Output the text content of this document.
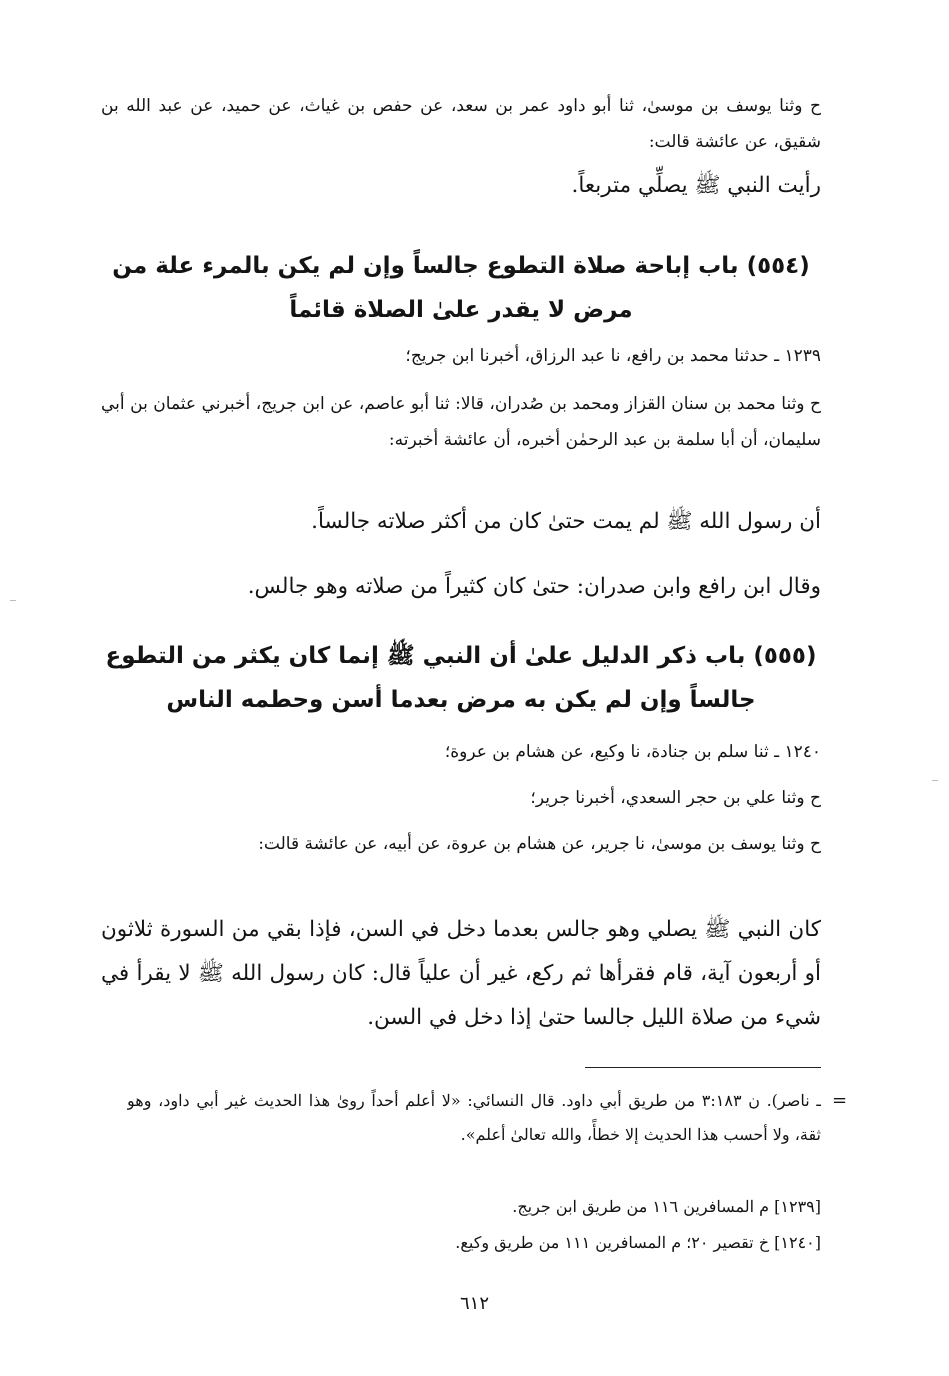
ح وثنا يوسف بن موسىٰ، ثنا أبو داود عمر بن سعد، عن حفص بن غياث، عن حميد، عن عبد الله بن شقيق، عن عائشة قالت:
رأيت النبي ﷺ يصلِّي متربعاً.
(٥٥٤) باب إباحة صلاة التطوع جالساً وإن لم يكن بالمرء علة من مرض لا يقدر علىٰ الصلاة قائماً
١٢٣٩ ـ حدثنا محمد بن رافع، نا عبد الرزاق، أخبرنا ابن جريج؛
ح وثنا محمد بن سنان القزاز ومحمد بن صُدران، قالا: ثنا أبو عاصم، عن ابن جريج، أخبرني عثمان بن أبي سليمان، أن أبا سلمة بن عبد الرحمٰن أخبره، أن عائشة أخبرته:
أن رسول الله ﷺ لم يمت حتىٰ كان من أكثر صلاته جالساً.
وقال ابن رافع وابن صدران: حتىٰ كان كثيراً من صلاته وهو جالس.
(٥٥٥) باب ذكر الدليل علىٰ أن النبي ﷺ إنما كان يكثر من التطوع جالساً وإن لم يكن به مرض بعدما أسن وحطمه الناس
١٢٤٠ ـ ثنا سلم بن جنادة، نا وكيع، عن هشام بن عروة؛
ح وثنا علي بن حجر السعدي، أخبرنا جرير؛
ح وثنا يوسف بن موسىٰ، نا جرير، عن هشام بن عروة، عن أبيه، عن عائشة قالت:
كان النبي ﷺ يصلي وهو جالس بعدما دخل في السن، فإذا بقي من السورة ثلاثون أو أربعون آية، قام فقرأها ثم ركع، غير أن علياً قال: كان رسول الله ﷺ لا يقرأ في شيء من صلاة الليل جالسا حتىٰ إذا دخل في السن.
=
ـ ناصر). ن ٣:١٨٣ من طريق أبي داود. قال النسائي: «لا أعلم أحداً روىٰ هذا الحديث غير أبي داود، وهو ثقة، ولا أحسب هذا الحديث إلا خطأً، والله تعالىٰ أعلم».
[١٢٣٩] م المسافرين ١١٦ من طريق ابن جريج.
[١٢٤٠] خ تقصير ٢٠؛ م المسافرين ١١١ من طريق وكيع.
٦١٢
